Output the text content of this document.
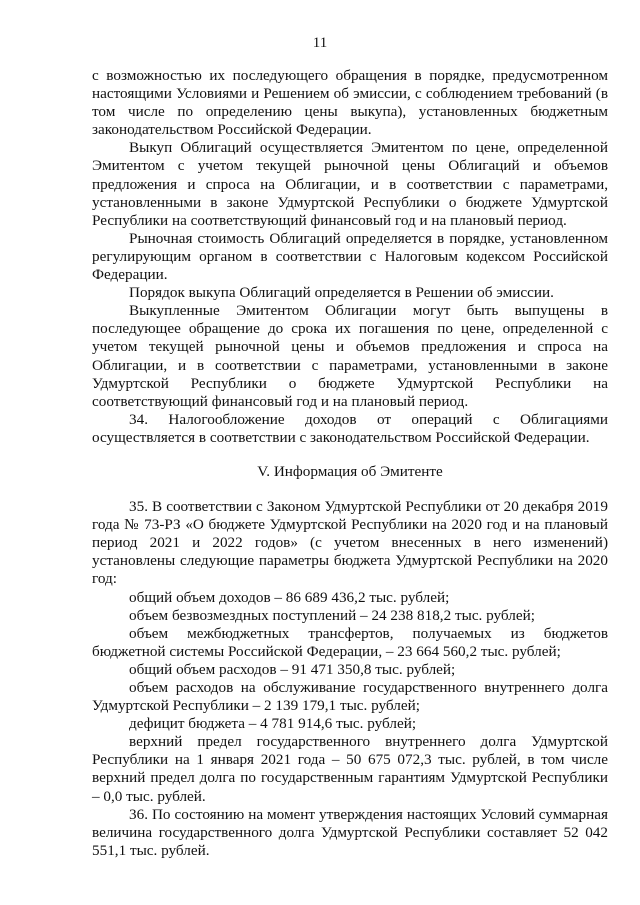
11

с возможностью их последующего обращения в порядке, предусмотренном настоящими Условиями и Решением об эмиссии, с соблюдением требований (в том числе по определению цены выкупа), установленных бюджетным законодательством Российской Федерации.

Выкуп Облигаций осуществляется Эмитентом по цене, определенной Эмитентом с учетом текущей рыночной цены Облигаций и объемов предложения и спроса на Облигации, и в соответствии с параметрами, установленными в законе Удмуртской Республики о бюджете Удмуртской Республики на соответствующий финансовый год и на плановый период.

Рыночная стоимость Облигаций определяется в порядке, установленном регулирующим органом в соответствии с Налоговым кодексом Российской Федерации.

Порядок выкупа Облигаций определяется в Решении об эмиссии.

Выкупленные Эмитентом Облигации могут быть выпущены в последующее обращение до срока их погашения по цене, определенной с учетом текущей рыночной цены и объемов предложения и спроса на Облигации, и в соответствии с параметрами, установленными в законе Удмуртской Республики о бюджете Удмуртской Республики на соответствующий финансовый год и на плановый период.

34. Налогообложение доходов от операций с Облигациями осуществляется в соответствии с законодательством Российской Федерации.

V. Информация об Эмитенте

35. В соответствии с Законом Удмуртской Республики от 20 декабря 2019 года № 73-РЗ «О бюджете Удмуртской Республики на 2020 год и на плановый период 2021 и 2022 годов» (с учетом внесенных в него изменений) установлены следующие параметры бюджета Удмуртской Республики на 2020 год:

общий объем доходов – 86 689 436,2 тыс. рублей;

объем безвозмездных поступлений – 24 238 818,2 тыс. рублей;

объем межбюджетных трансфертов, получаемых из бюджетов бюджетной системы Российской Федерации, – 23 664 560,2 тыс. рублей;

общий объем расходов – 91 471 350,8 тыс. рублей;

объем расходов на обслуживание государственного внутреннего долга Удмуртской Республики – 2 139 179,1 тыс. рублей;

дефицит бюджета – 4 781 914,6 тыс. рублей;

верхний предел государственного внутреннего долга Удмуртской Республики на 1 января 2021 года – 50 675 072,3 тыс. рублей, в том числе верхний предел долга по государственным гарантиям Удмуртской Республики – 0,0 тыс. рублей.

36. По состоянию на момент утверждения настоящих Условий суммарная величина государственного долга Удмуртской Республики составляет 52 042 551,1 тыс. рублей.
